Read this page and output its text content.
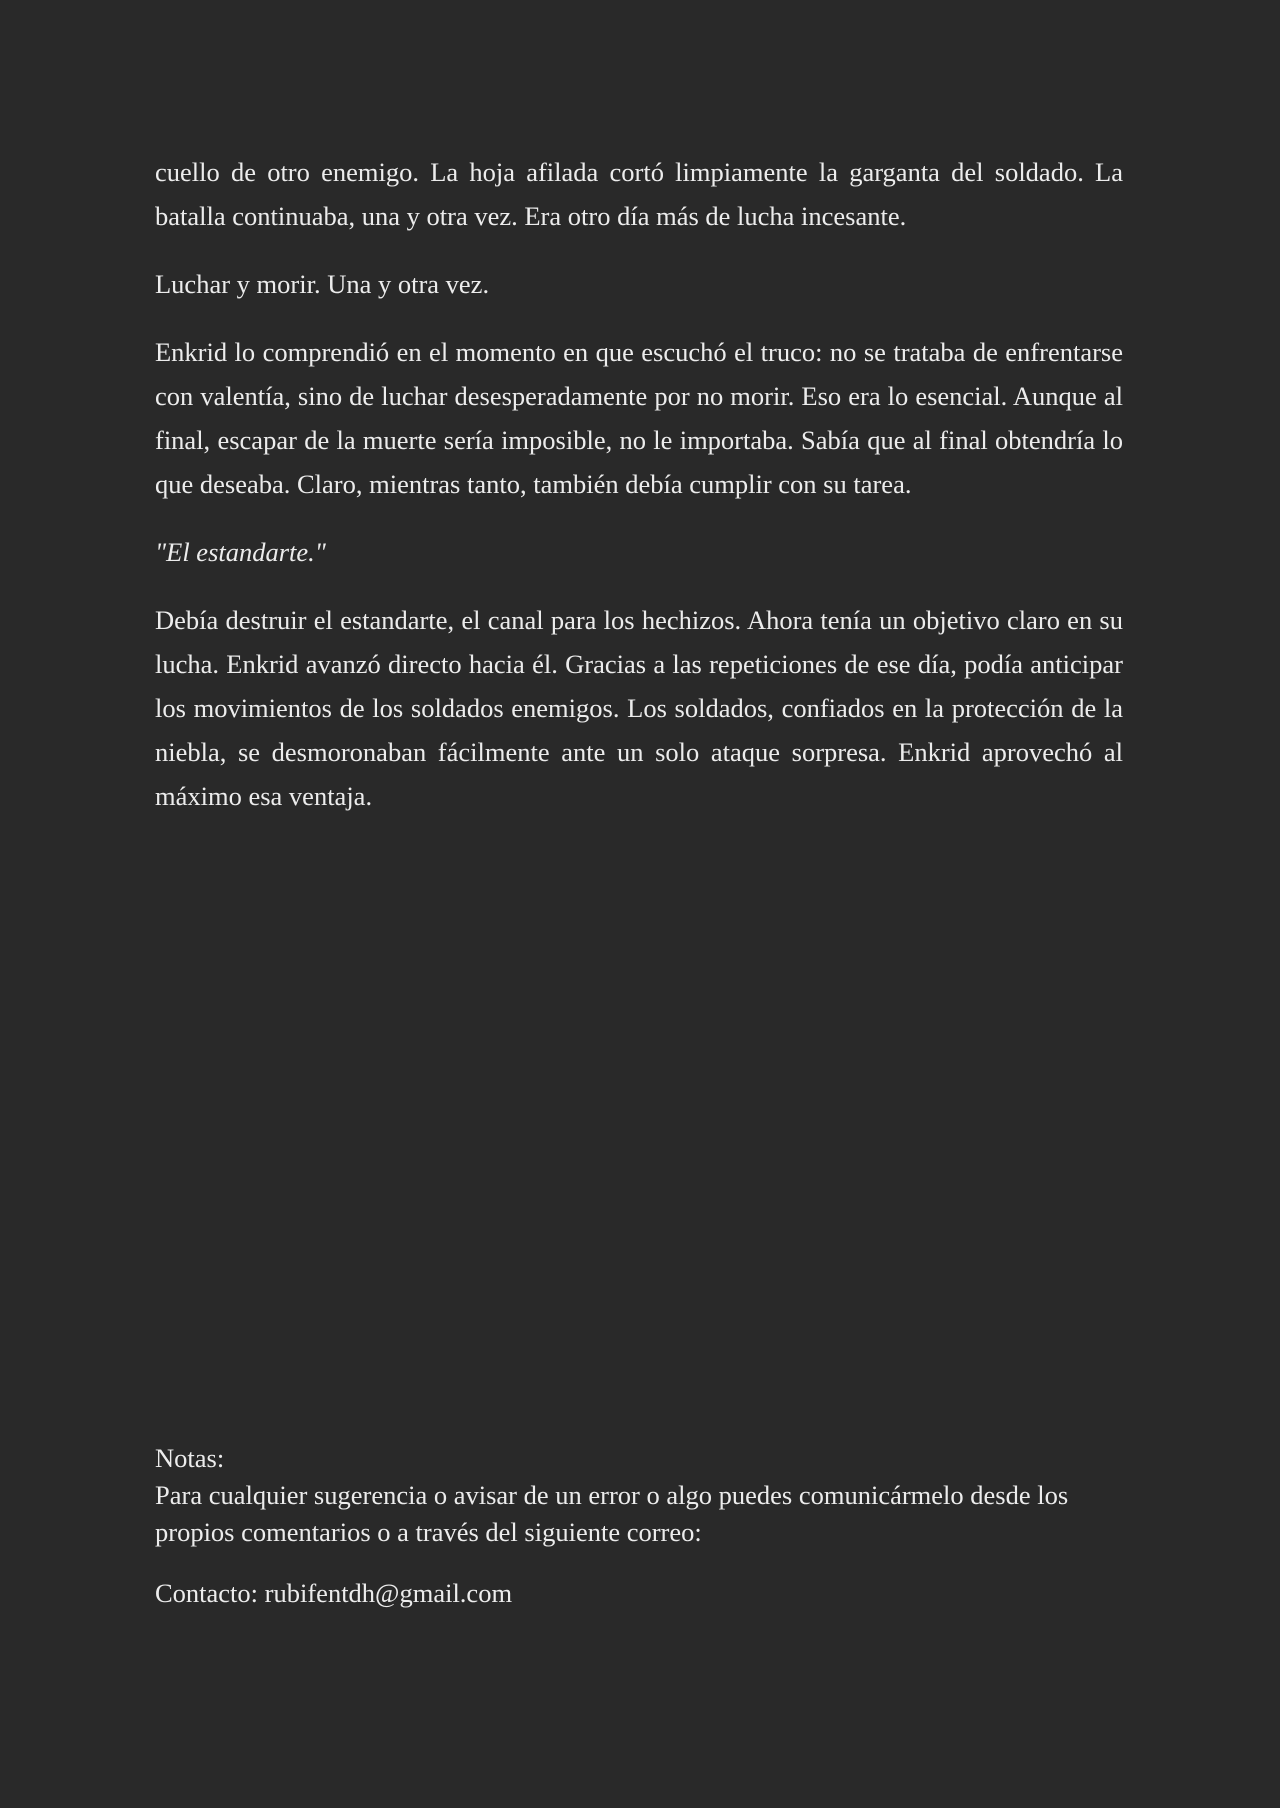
cuello de otro enemigo. La hoja afilada cortó limpiamente la garganta del soldado. La batalla continuaba, una y otra vez. Era otro día más de lucha incesante.

Luchar y morir. Una y otra vez.

Enkrid lo comprendió en el momento en que escuchó el truco: no se trataba de enfrentarse con valentía, sino de luchar desesperadamente por no morir. Eso era lo esencial. Aunque al final, escapar de la muerte sería imposible, no le importaba. Sabía que al final obtendría lo que deseaba. Claro, mientras tanto, también debía cumplir con su tarea.

"El estandarte."

Debía destruir el estandarte, el canal para los hechizos. Ahora tenía un objetivo claro en su lucha. Enkrid avanzó directo hacia él. Gracias a las repeticiones de ese día, podía anticipar los movimientos de los soldados enemigos. Los soldados, confiados en la protección de la niebla, se desmoronaban fácilmente ante un solo ataque sorpresa. Enkrid aprovechó al máximo esa ventaja.

Notas:

Para cualquier sugerencia o avisar de un error o algo puedes comunicármelo desde los propios comentarios o a través del siguiente correo:

Contacto: rubifentdh@gmail.com
